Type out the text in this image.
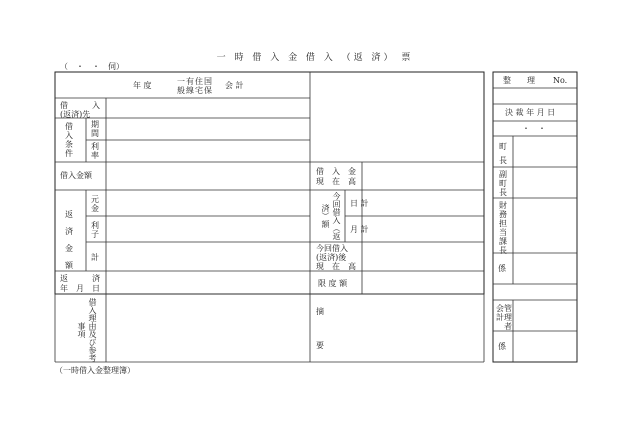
一 時 借 入 金 借 入 （返 済） 票
（　・　・　伺）
年 度	一有住国
般線宅保
会 計
借　　　入
(返済)先
借入条件
期間
利率
借入金額
返済金額
元金
利子
計
返　　　済
年　月　日
借入理由及び参考事項
借　入　金
現　在　高
今回借入（返済）額
日 計
月 計
今回借入
(返済)後
現　在　高
限 度 額
摘
要
整　　理 No.
決 裁 年 月 日
・　・
町長
副町長
財務担当課長
係
会計
管理者
係
（一時借入金整理簿）
